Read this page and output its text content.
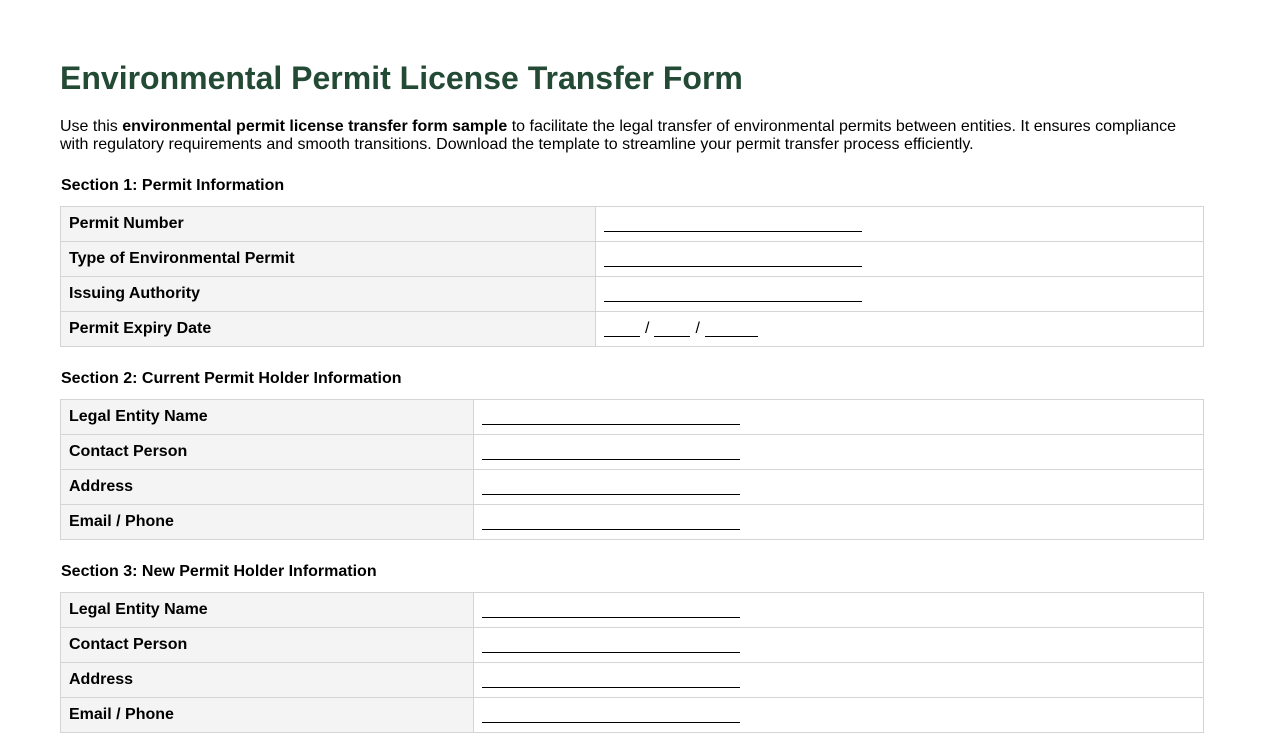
Environmental Permit License Transfer Form

Use this environmental permit license transfer form sample to facilitate the legal transfer of environmental permits between entities. It ensures compliance with regulatory requirements and smooth transitions. Download the template to streamline your permit transfer process efficiently.

Section 1: Permit Information
Permit Number	
Type of Environmental Permit	
Issuing Authority	
Permit Expiry Date	/ /
Section 2: Current Permit Holder Information
Legal Entity Name	
Contact Person	
Address	
Email / Phone	
Section 3: New Permit Holder Information
Legal Entity Name	
Contact Person	
Address	
Email / Phone	
